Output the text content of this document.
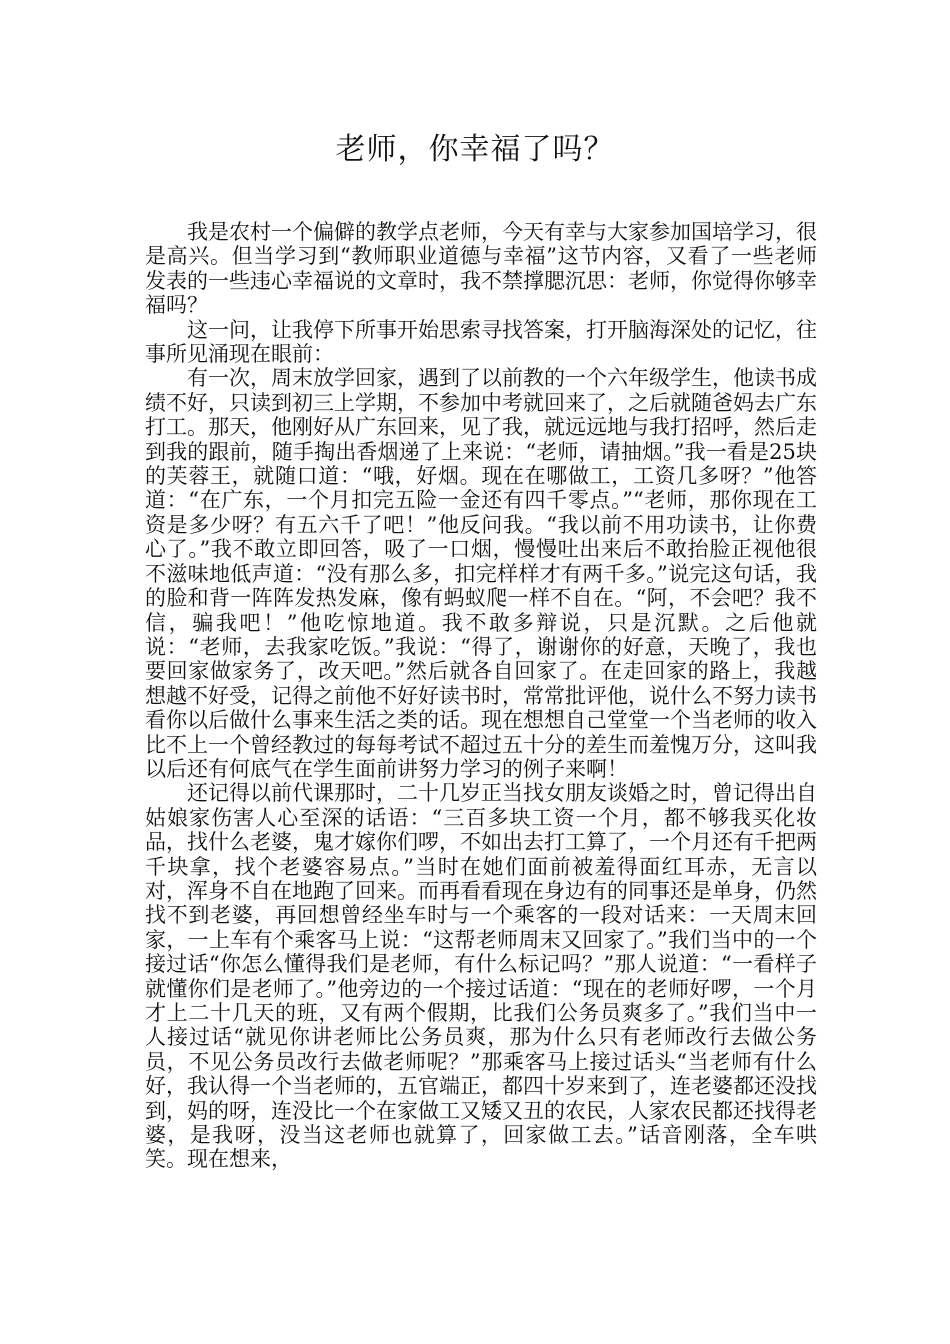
老师，你幸福了吗？

我是农村一个偏僻的教学点老师，今天有幸与大家参加国培学习，很是高兴。但当学习到“教师职业道德与幸福”这节内容，又看了一些老师发表的一些违心幸福说的文章时，我不禁撑腮沉思：老师，你觉得你够幸福吗？

这一问，让我停下所事开始思索寻找答案，打开脑海深处的记忆，往事所见涌现在眼前：

有一次，周末放学回家，遇到了以前教的一个六年级学生，他读书成绩不好，只读到初三上学期，不参加中考就回来了，之后就随爸妈去广东打工。那天，他刚好从广东回来，见了我，就远远地与我打招呼，然后走到我的跟前，随手掏出香烟递了上来说：“老师，请抽烟。”我一看是25块的芙蓉王，就随口道：“哦，好烟。现在在哪做工，工资几多呀？”他答道：“在广东，一个月扣完五险一金还有四千零点。”“老师，那你现在工资是多少呀？有五六千了吧！”他反问我。“我以前不用功读书，让你费心了。”我不敢立即回答，吸了一口烟，慢慢吐出来后不敢抬脸正视他很不滋味地低声道：“没有那么多，扣完样样才有两千多。”说完这句话，我的脸和背一阵阵发热发麻，像有蚂蚁爬一样不自在。“阿，不会吧？我不信，骗我吧！”他吃惊地道。我不敢多辩说，只是沉默。之后他就说：“老师，去我家吃饭。”我说：“得了，谢谢你的好意，天晚了，我也要回家做家务了，改天吧。”然后就各自回家了。在走回家的路上，我越想越不好受，记得之前他不好好读书时，常常批评他，说什么不努力读书看你以后做什么事来生活之类的话。现在想想自己堂堂一个当老师的收入比不上一个曾经教过的每每考试不超过五十分的差生而羞愧万分，这叫我以后还有何底气在学生面前讲努力学习的例子来啊！

还记得以前代课那时，二十几岁正当找女朋友谈婚之时，曾记得出自姑娘家伤害人心至深的话语：“三百多块工资一个月，都不够我买化妆品，找什么老婆，鬼才嫁你们啰，不如出去打工算了，一个月还有千把两千块拿，找个老婆容易点。”当时在她们面前被羞得面红耳赤，无言以对，浑身不自在地跑了回来。而再看看现在身边有的同事还是单身，仍然找不到老婆，再回想曾经坐车时与一个乘客的一段对话来：一天周末回家，一上车有个乘客马上说：“这帮老师周末又回家了。”我们当中的一个接过话“你怎么懂得我们是老师，有什么标记吗？”那人说道：“一看样子就懂你们是老师了。”他旁边的一个接过话道：“现在的老师好啰，一个月才上二十几天的班，又有两个假期，比我们公务员爽多了。”我们当中一人接过话“就见你讲老师比公务员爽，那为什么只有老师改行去做公务员，不见公务员改行去做老师呢？”那乘客马上接过话头“当老师有什么好，我认得一个当老师的，五官端正，都四十岁来到了，连老婆都还没找到，妈的呀，连没比一个在家做工又矮又丑的农民，人家农民都还找得老婆，是我呀，没当这老师也就算了，回家做工去。”话音刚落，全车哄笑。现在想来，
